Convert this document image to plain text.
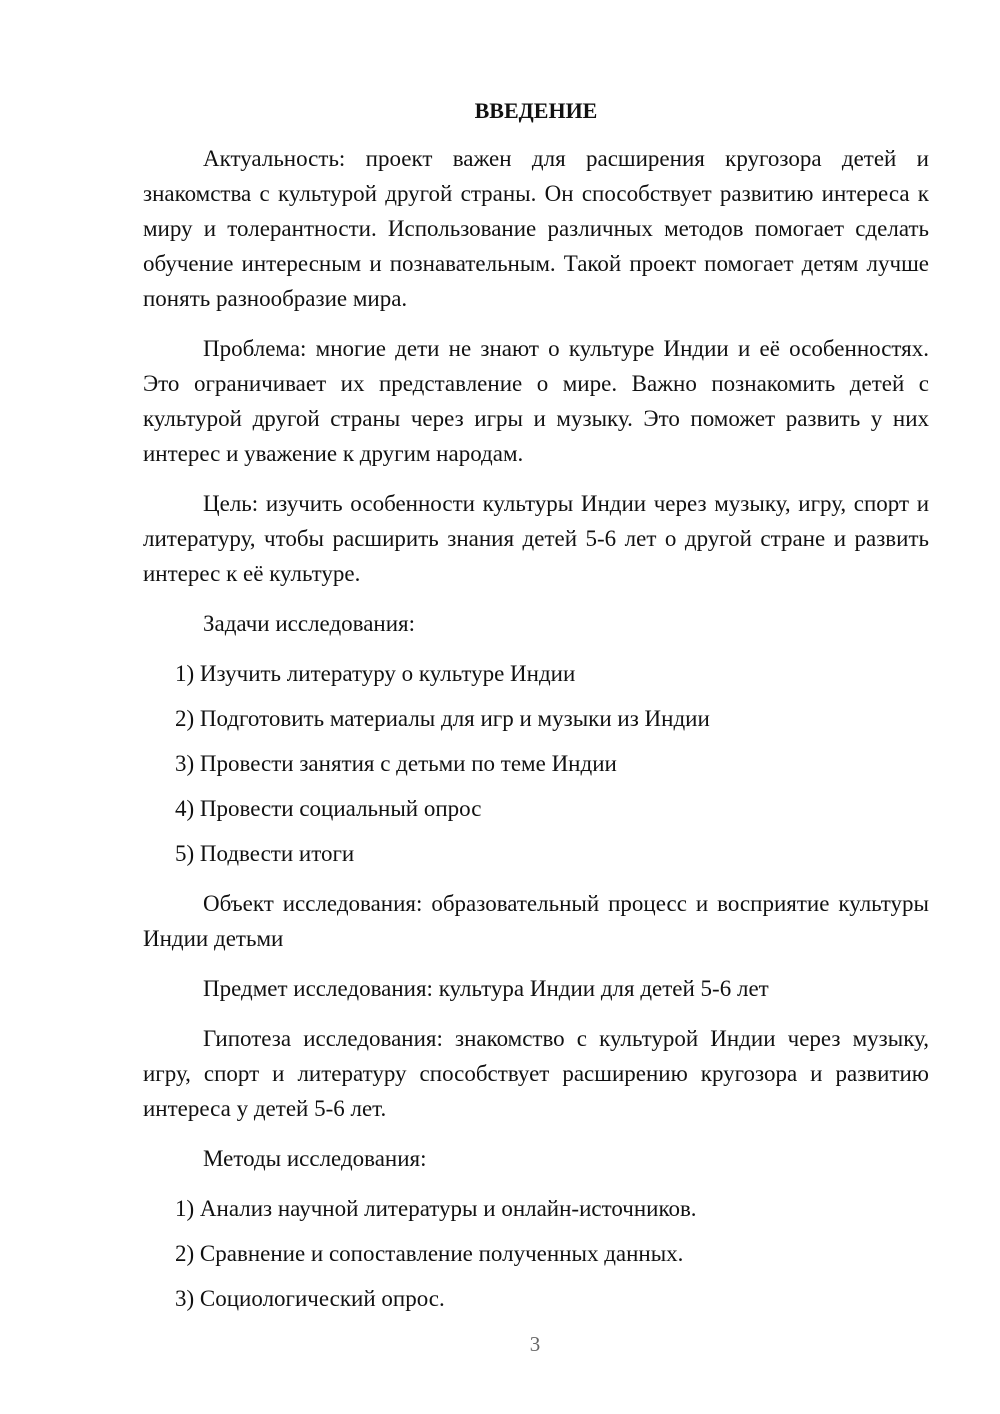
ВВЕДЕНИЕ

Актуальность: проект важен для расширения кругозора детей и знакомства с культурой другой страны. Он способствует развитию интереса к миру и толерантности. Использование различных методов помогает сделать обучение интересным и познавательным. Такой проект помогает детям лучше понять разнообразие мира.

Проблема: многие дети не знают о культуре Индии и её особенностях. Это ограничивает их представление о мире. Важно познакомить детей с культурой другой страны через игры и музыку. Это поможет развить у них интерес и уважение к другим народам.

Цель: изучить особенности культуры Индии через музыку, игру, спорт и литературу, чтобы расширить знания детей 5-6 лет о другой стране и развить интерес к её культуре.

Задачи исследования:

1) Изучить литературу о культуре Индии
2) Подготовить материалы для игр и музыки из Индии
3) Провести занятия с детьми по теме Индии
4) Провести социальный опрос
5) Подвести итоги

Объект исследования: образовательный процесс и восприятие культуры Индии детьми

Предмет исследования: культура Индии для детей 5-6 лет

Гипотеза исследования: знакомство с культурой Индии через музыку, игру, спорт и литературу способствует расширению кругозора и развитию интереса у детей 5-6 лет.

Методы исследования:

1) Анализ научной литературы и онлайн-источников.
2) Сравнение и сопоставление полученных данных.
3) Социологический опрос.
3
